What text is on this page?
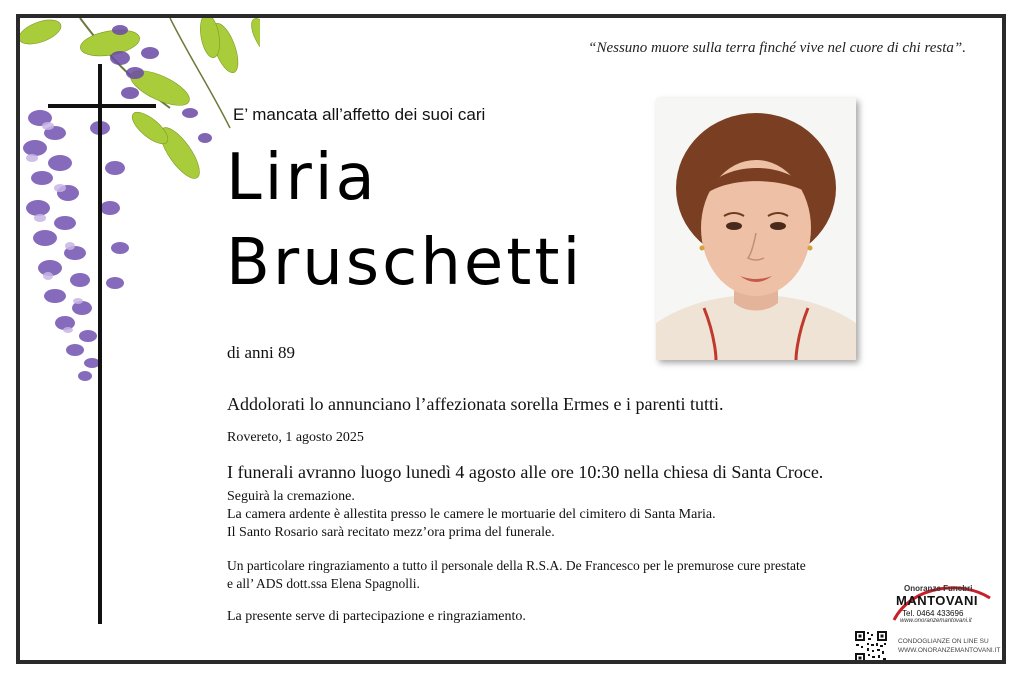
“Nessuno muore sulla terra finché vive nel cuore di chi resta”.
E’ mancata all’affetto dei suoi cari
Liria
Bruschetti
di anni 89
Addolorati lo annunciano l’affezionata sorella Ermes e i parenti tutti.
Rovereto, 1 agosto 2025
I funerali avranno luogo lunedì 4 agosto alle ore 10:30 nella chiesa di Santa Croce.
Seguirà la cremazione.
La camera ardente è allestita presso le camere le mortuarie del cimitero di Santa Maria.
Il Santo Rosario sarà recitato mezz’ora prima del funerale.
Un particolare ringraziamento a tutto il personale della R.S.A. De Francesco per le premurose cure prestate
e all’ ADS dott.ssa Elena Spagnolli.
La presente serve di partecipazione e ringraziamento.
Onoranze Funebri
MANTOVANI
Tel. 0464 433696
www.onoranzemantovani.it
CONDOGLIANZE ON LINE SU
WWW.ONORANZEMANTOVANI.IT
